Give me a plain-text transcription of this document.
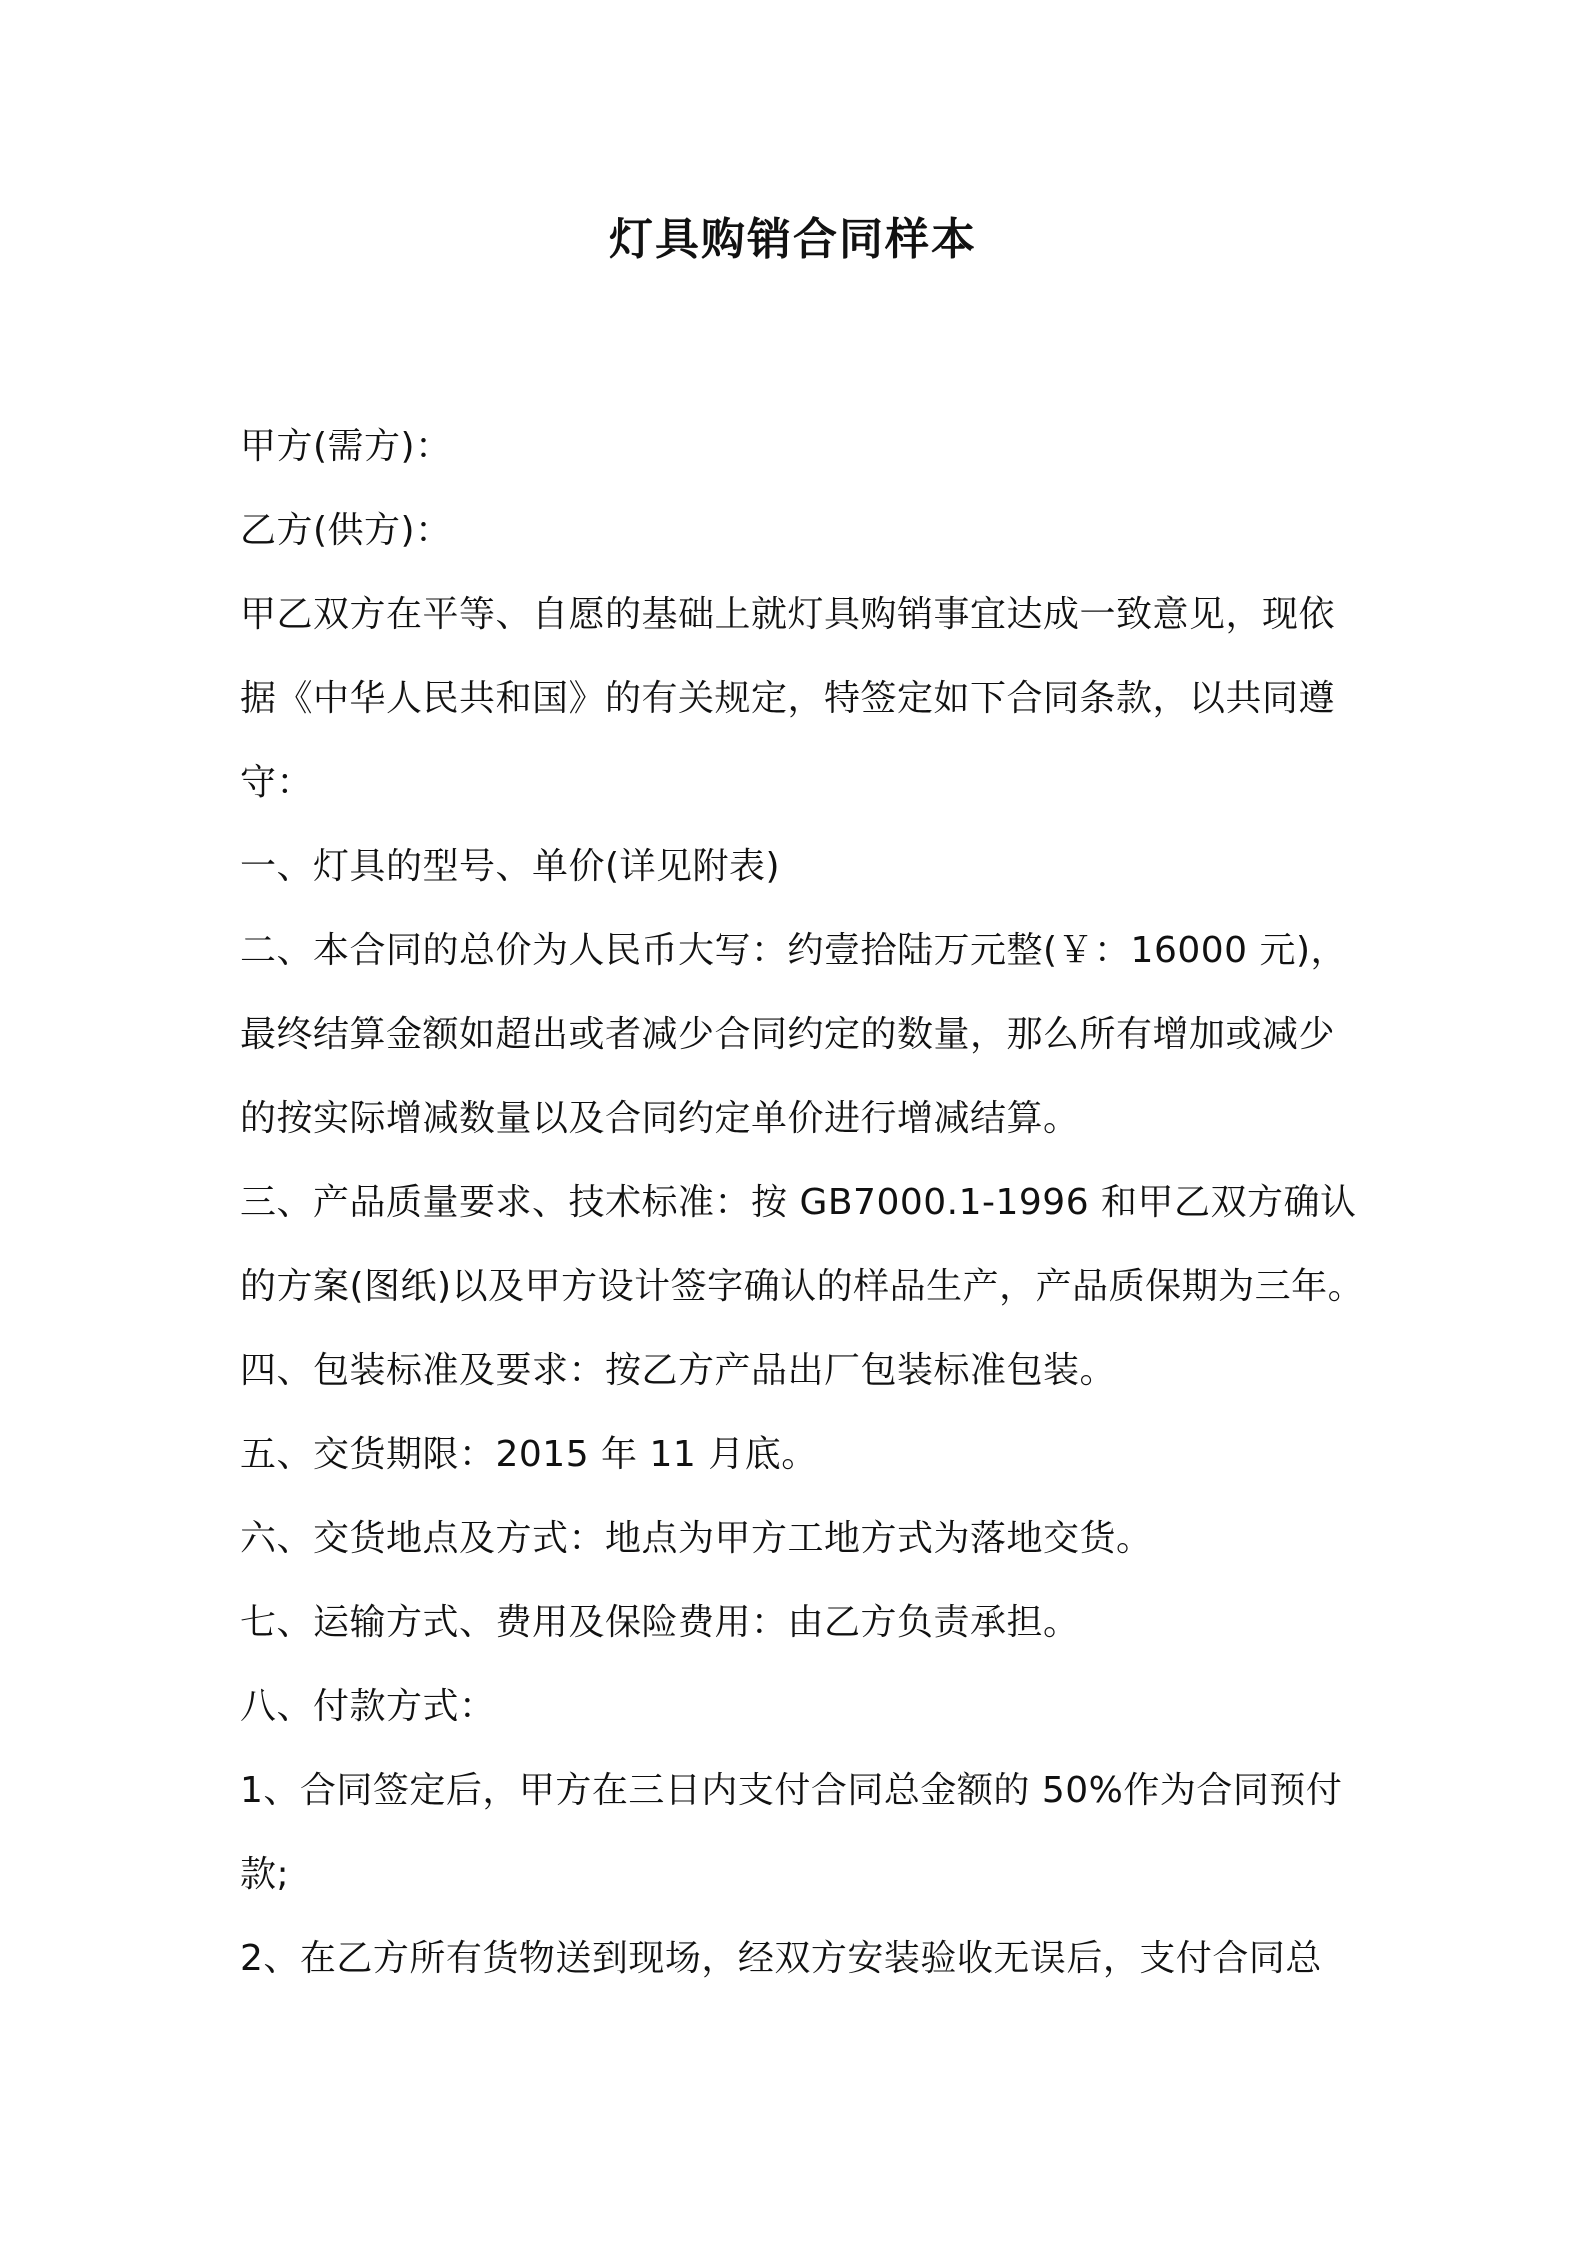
灯具购销合同样本
甲方(需方)：
乙方(供方)：
甲乙双方在平等、自愿的基础上就灯具购销事宜达成一致意见，现依
据《中华人民共和国》的有关规定，特签定如下合同条款，以共同遵
守：
一、灯具的型号、单价(详见附表)
二、本合同的总价为人民币大写：约壹拾陆万元整(￥：16000 元)，
最终结算金额如超出或者减少合同约定的数量，那么所有增加或减少
的按实际增减数量以及合同约定单价进行增减结算。
三、产品质量要求、技术标准：按 GB7000.1-1996 和甲乙双方确认
的方案(图纸)以及甲方设计签字确认的样品生产，产品质保期为三年。
四、包装标准及要求：按乙方产品出厂包装标准包装。
五、交货期限：2015 年 11 月底。
六、交货地点及方式：地点为甲方工地方式为落地交货。
七、运输方式、费用及保险费用：由乙方负责承担。
八、付款方式：
1、合同签定后，甲方在三日内支付合同总金额的 50%作为合同预付
款;
2、在乙方所有货物送到现场，经双方安装验收无误后，支付合同总
